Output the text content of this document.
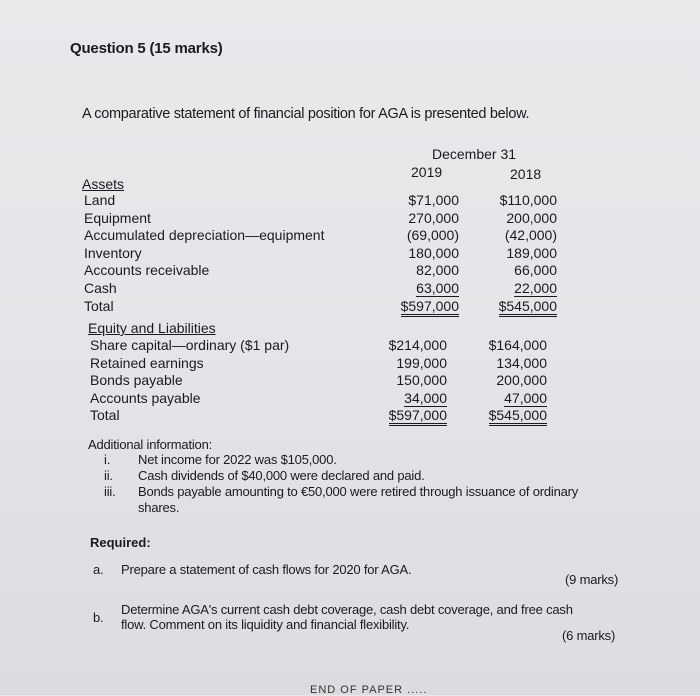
Question 5 (15 marks)
A comparative statement of financial position for AGA is presented below.
December 31
2019	2018
Assets
Land	$71,000	$110,000
Equipment	270,000	200,000
Accumulated depreciation—equipment	(69,000)	(42,000)
Inventory	180,000	189,000
Accounts receivable	82,000	66,000
Cash	63,000	22,000
Total	$597,000	$545,000
Equity and Liabilities
Share capital—ordinary ($1 par)	$214,000	$164,000
Retained earnings	199,000	134,000
Bonds payable	150,000	200,000
Accounts payable	34,000	47,000
Total	$597,000	$545,000
Additional information:
i. Net income for 2022 was $105,000.
ii. Cash dividends of $40,000 were declared and paid.
iii. Bonds payable amounting to €50,000 were retired through issuance of ordinary
shares.
Required:
a. Prepare a statement of cash flows for 2020 for AGA.
(9 marks)
b.
Determine AGA's current cash debt coverage, cash debt coverage, and free cash
flow. Comment on its liquidity and financial flexibility.
(6 marks)
END OF PAPER .....
